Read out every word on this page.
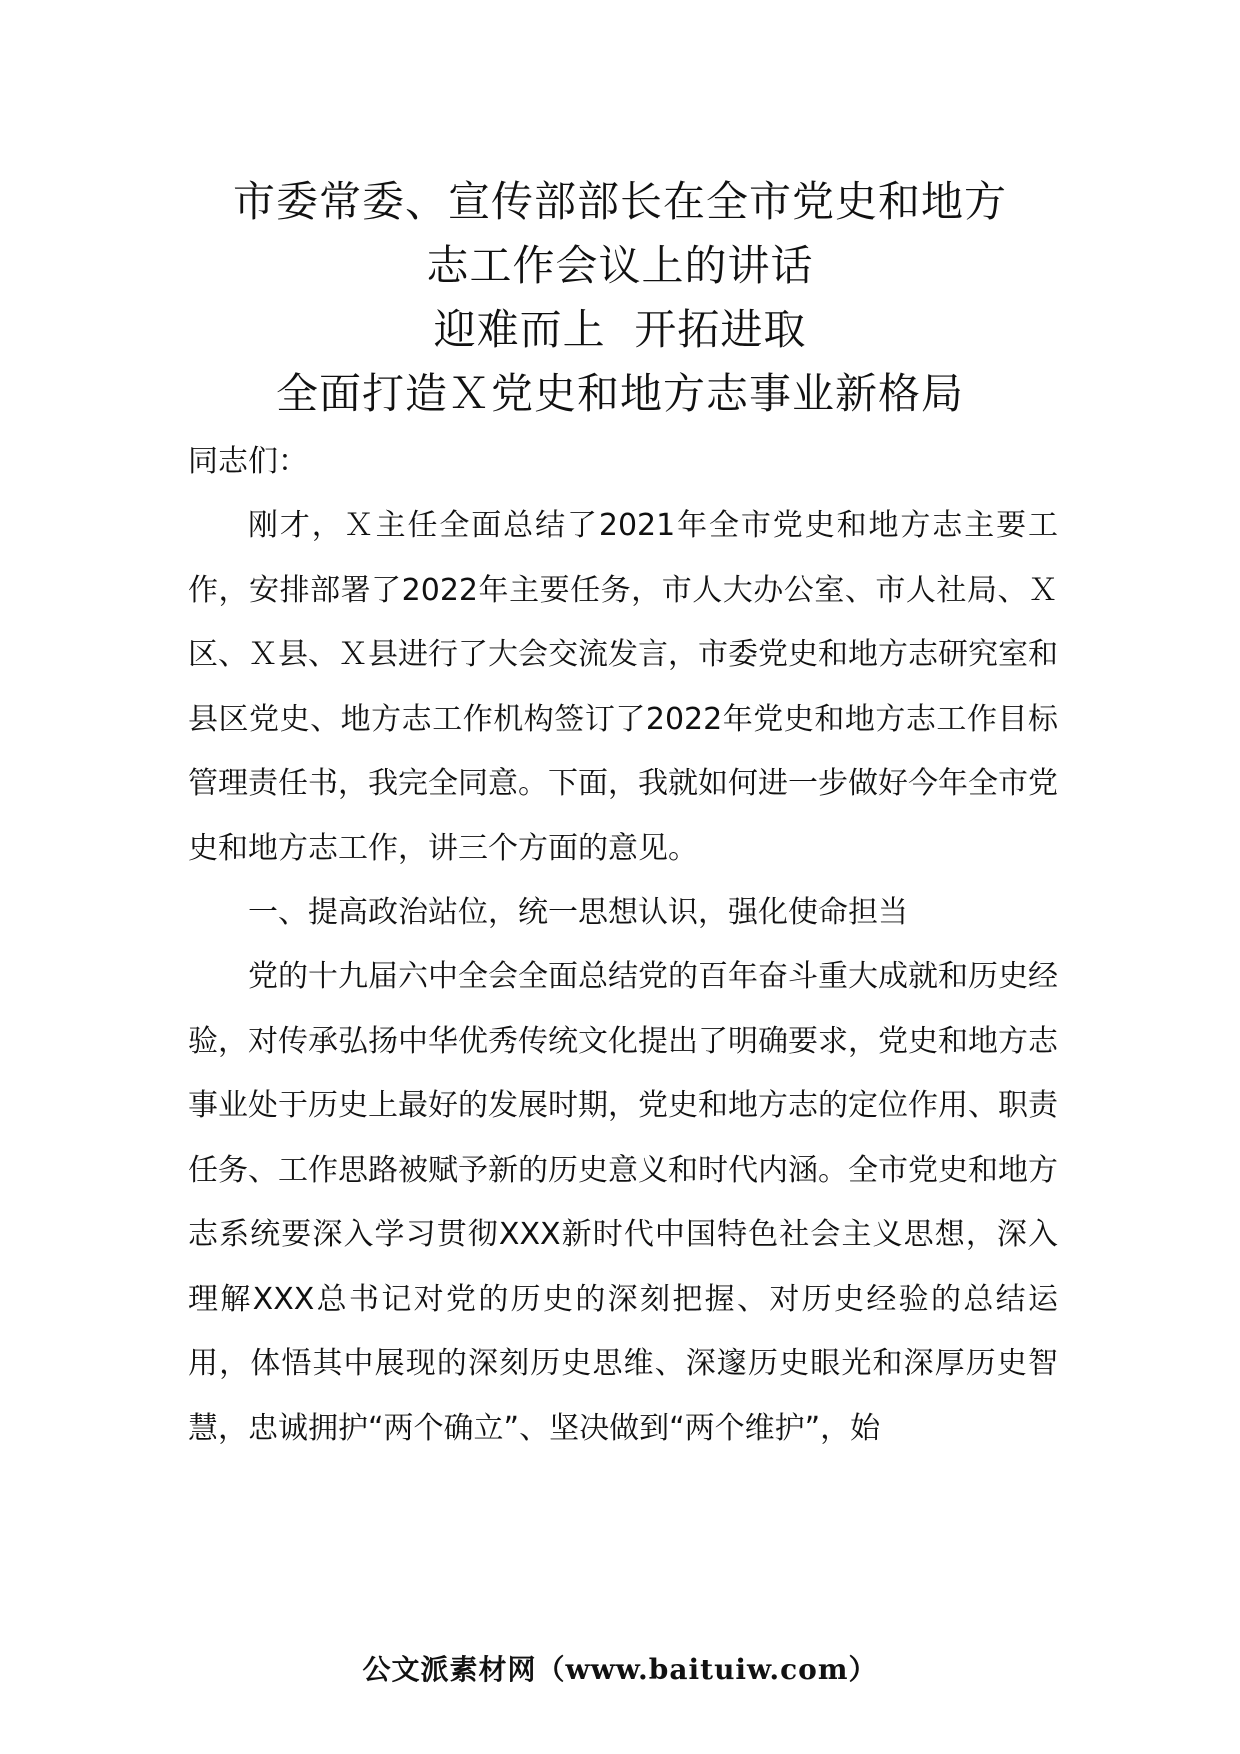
市委常委、宣传部部长在全市党史和地方
志工作会议上的讲话
迎难而上  开拓进取
全面打造Ｘ党史和地方志事业新格局

同志们：

刚才，Ｘ主任全面总结了2021年全市党史和地方志主要工作，安排部署了2022年主要任务，市人大办公室、市人社局、Ｘ区、Ｘ县、Ｘ县进行了大会交流发言，市委党史和地方志研究室和县区党史、地方志工作机构签订了2022年党史和地方志工作目标管理责任书，我完全同意。下面，我就如何进一步做好今年全市党史和地方志工作，讲三个方面的意见。

一、提高政治站位，统一思想认识，强化使命担当

党的十九届六中全会全面总结党的百年奋斗重大成就和历史经验，对传承弘扬中华优秀传统文化提出了明确要求，党史和地方志事业处于历史上最好的发展时期，党史和地方志的定位作用、职责任务、工作思路被赋予新的历史意义和时代内涵。全市党史和地方志系统要深入学习贯彻XXX新时代中国特色社会主义思想，深入理解XXX总书记对党的历史的深刻把握、对历史经验的总结运用，体悟其中展现的深刻历史思维、深邃历史眼光和深厚历史智慧，忠诚拥护“两个确立”、坚决做到“两个维护”，始

公文派素材网（www.baituiw.com）
